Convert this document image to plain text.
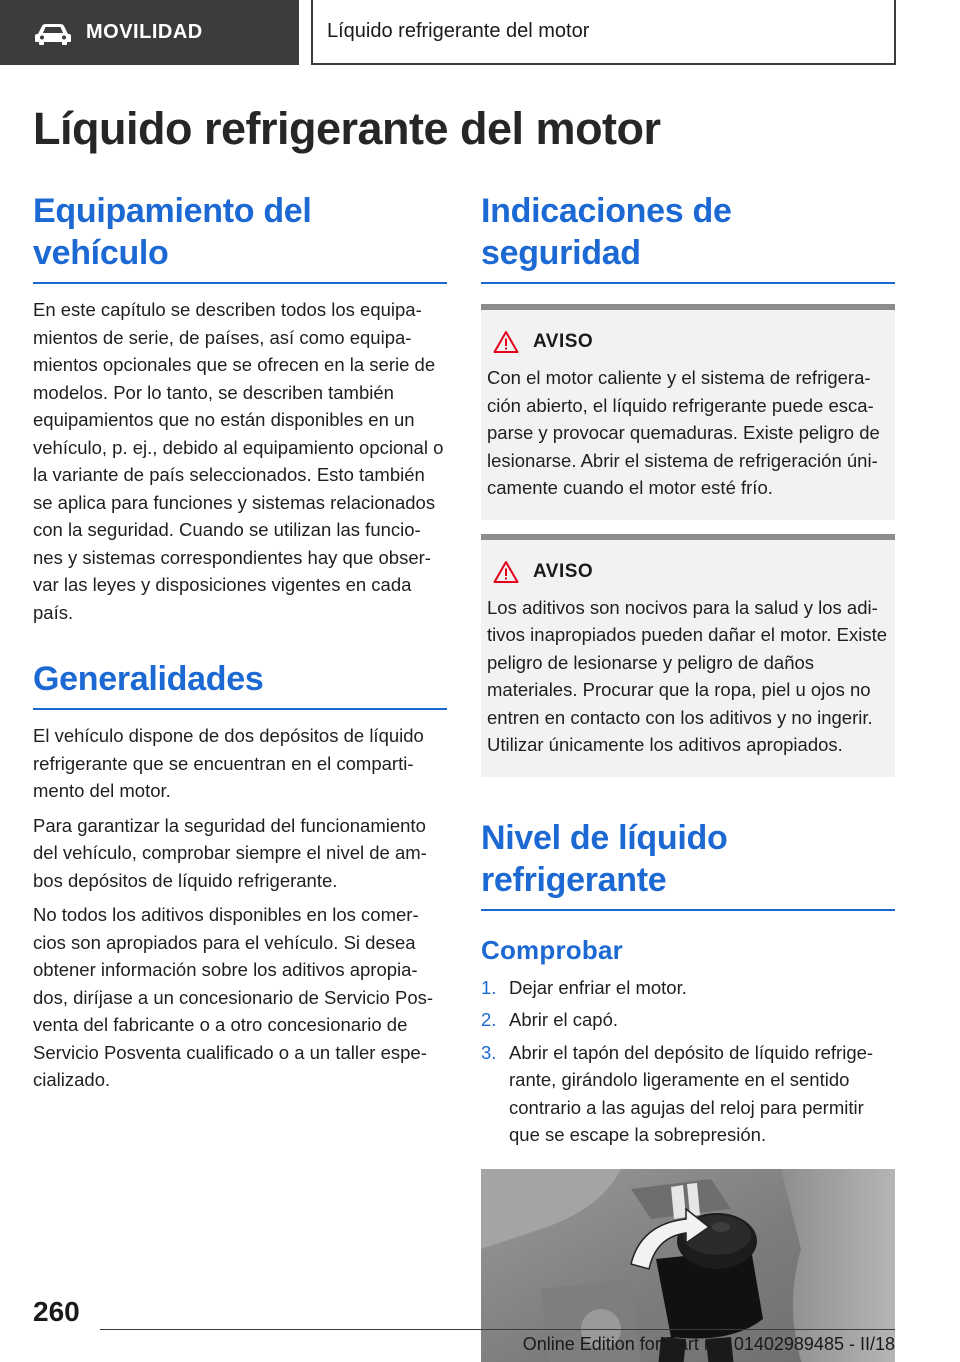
MOVILIDAD	Líquido refrigerante del motor
Líquido refrigerante del motor
Equipamiento del vehículo

En este capítulo se describen todos los equipa-mientos de serie, de países, así como equipa-mientos opcionales que se ofrecen en la serie de modelos. Por lo tanto, se describen también equipamientos que no están disponibles en un vehículo, p. ej., debido al equipamiento opcional o la variante de país seleccionados. Esto también se aplica para funciones y sistemas relacionados con la seguridad. Cuando se utilizan las funcio-nes y sistemas correspondientes hay que obser-var las leyes y disposiciones vigentes en cada país.

Generalidades

El vehículo dispone de dos depósitos de líquido refrigerante que se encuentran en el comparti-mento del motor.

Para garantizar la seguridad del funcionamiento del vehículo, comprobar siempre el nivel de am-bos depósitos de líquido refrigerante.

No todos los aditivos disponibles en los comer-cios son apropiados para el vehículo. Si desea obtener información sobre los aditivos apropia-dos, diríjase a un concesionario de Servicio Pos-venta del fabricante o a otro concesionario de Servicio Posventa cualificado o a un taller espe-cializado.

Indicaciones de seguridad
AVISO

Con el motor caliente y el sistema de refrigera-ción abierto, el líquido refrigerante puede esca-parse y provocar quemaduras. Existe peligro de lesionarse. Abrir el sistema de refrigeración úni-camente cuando el motor esté frío.

AVISO

Los aditivos son nocivos para la salud y los adi-tivos inapropiados pueden dañar el motor. Existe peligro de lesionarse y peligro de daños materiales. Procurar que la ropa, piel u ojos no entren en contacto con los aditivos y no ingerir. Utilizar únicamente los aditivos apropiados.

Nivel de líquido refrigerante
Comprobar
1. Dejar enfriar el motor.
2. Abrir el capó.
3. Abrir el tapón del depósito de líquido refrige-rante, girándolo ligeramente en el sentido contrario a las agujas del reloj para permitir que se escape la sobrepresión.
260
Online Edition for Part no. 01402989485 - II/18
